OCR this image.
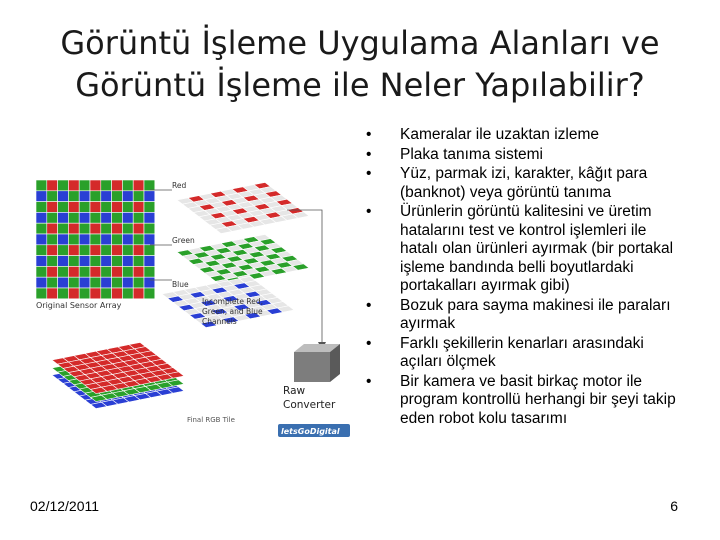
Görüntü İşleme Uygulama Alanları ve
Görüntü İşleme ile Neler Yapılabilir?
Red
Green
Blue
Original Sensor Array	Incomplete Red,
Green, and Blue
Channels
Raw
Converter
Final RGB Tile
letsGoDigital
• Kameralar ile uzaktan izleme
• Plaka tanıma sistemi
• Yüz, parmak izi, karakter, kâğıt para (banknot) veya görüntü tanıma
• Ürünlerin görüntü kalitesini ve üretim hatalarını test ve kontrol işlemleri ile hatalı olan ürünleri ayırmak (bir portakal işleme bandında belli boyutlardaki portakalları ayırmak gibi)
• Bozuk para sayma makinesi ile paraları ayırmak
• Farklı şekillerin kenarları arasındaki açıları ölçmek
• Bir kamera ve basit birkaç motor ile program kontrollü herhangi bir şeyi takip eden robot kolu tasarımı
02/12/2011	6
